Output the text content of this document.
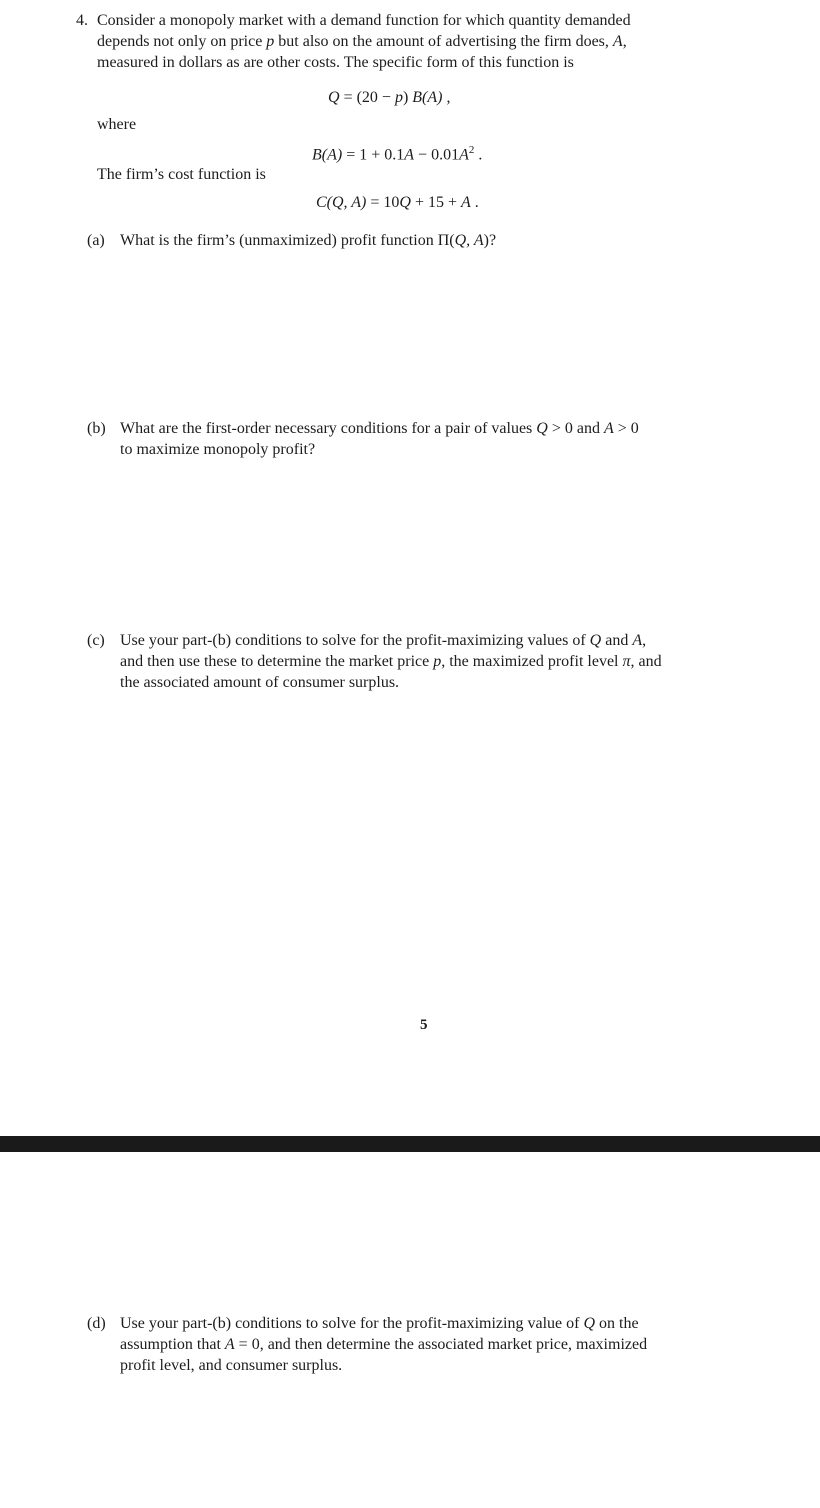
4. Consider a monopoly market with a demand function for which quantity demanded
depends not only on price p but also on the amount of advertising the firm does, A,
measured in dollars as are other costs. The specific form of this function is
Q = (20 − p) B(A) ,
where
$B(A) = 1 + 0.1A - 0.01A^2$ .
The firm’s cost function is
C(Q, A) = 10Q + 15 + A .
(a) What is the firm’s (unmaximized) profit function Π(Q, A)?
(b) What are the first-order necessary conditions for a pair of values Q > 0 and A > 0
to maximize monopoly profit?
(c) Use your part-(b) conditions to solve for the profit-maximizing values of Q and A,
and then use these to determine the market price p, the maximized profit level π, and
the associated amount of consumer surplus.
5
(d) Use your part-(b) conditions to solve for the profit-maximizing value of Q on the
assumption that A = 0, and then determine the associated market price, maximized
profit level, and consumer surplus.
